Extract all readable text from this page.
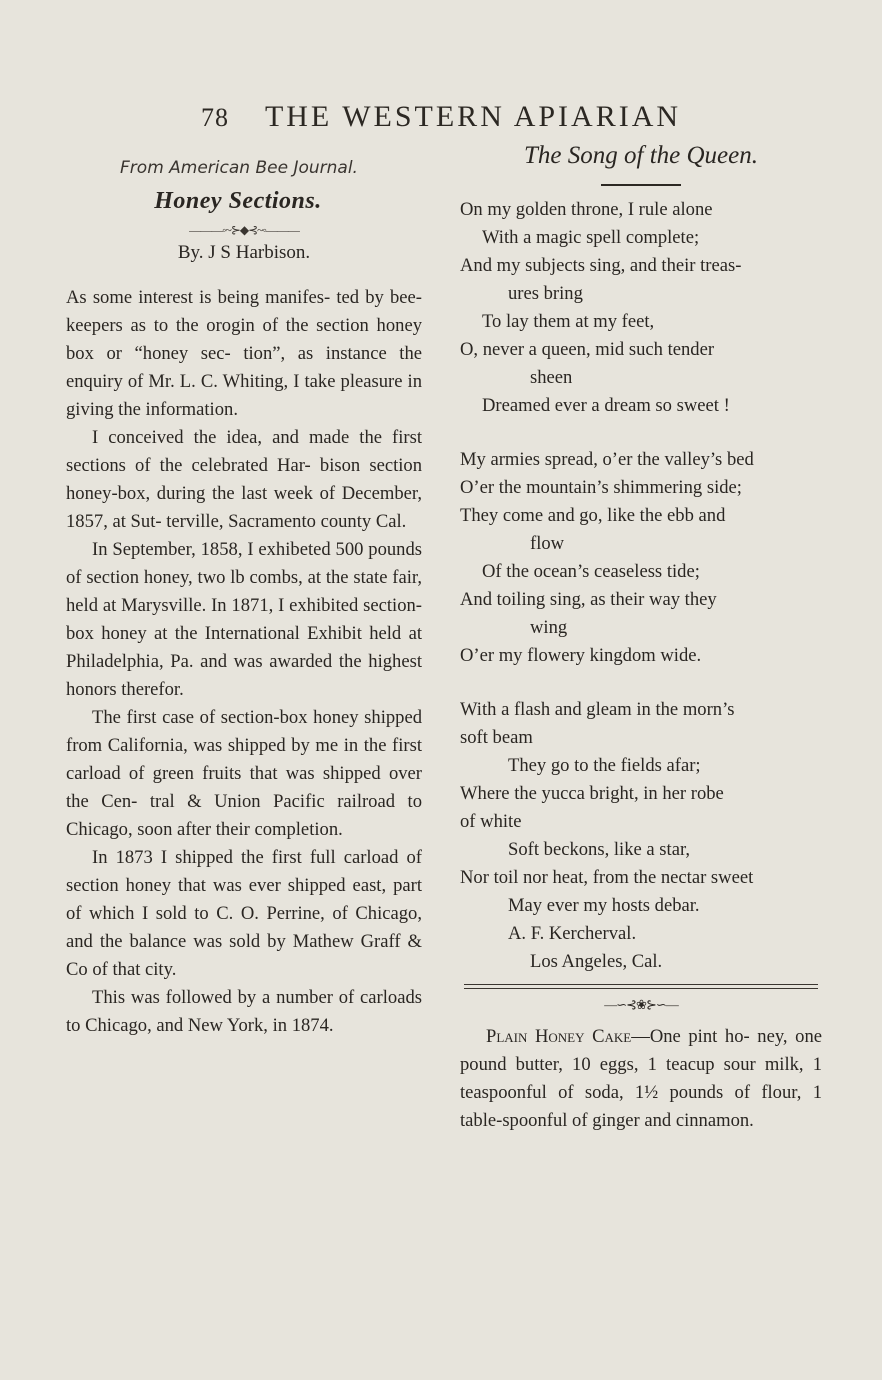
78 THE WESTERN APIARIAN
From American Bee Journal.
Honey Sections.
———◦~⊱◆⊰~◦———
By. J S Harbison.

As some interest is being manifes- ted by bee-keepers as to the orogin of the section honey box or “honey sec- tion”, as instance the enquiry of Mr. L. C. Whiting, I take pleasure in giving the information.

I conceived the idea, and made the first sections of the celebrated Har- bison section honey-box, during the last week of December, 1857, at Sut- terville, Sacramento county Cal.

In September, 1858, I exhibeted 500 pounds of section honey, two lb combs, at the state fair, held at Marysville. In 1871, I exhibited section-box honey at the International Exhibit held at Philadelphia, Pa. and was awarded the highest honors therefor.

The first case of section-box honey shipped from California, was shipped by me in the first carload of green fruits that was shipped over the Cen- tral & Union Pacific railroad to Chicago, soon after their completion.

In 1873 I shipped the first full carload of section honey that was ever shipped east, part of which I sold to C. O. Perrine, of Chicago, and the balance was sold by Mathew Graff & Co of that city.

This was followed by a number of carloads to Chicago, and New York, in 1874.

The Song of the Queen.
On my golden throne, I rule alone
With a magic spell complete;
And my subjects sing, and their treas-
ures bring
To lay them at my feet,
O, never a queen, mid such tender
sheen
Dreamed ever a dream so sweet !
My armies spread, o’er the valley’s bed
O’er the mountain’s shimmering side;
They come and go, like the ebb and
flow
Of the ocean’s ceaseless tide;
And toiling sing, as their way they
wing
O’er my flowery kingdom wide.
With a flash and gleam in the morn’s
soft beam
They go to the fields afar;
Where the yucca bright, in her robe
of white
Soft beckons, like a star,
Nor toil nor heat, from the nectar sweet
May ever my hosts debar.
A. F. Kercherval.
Los Angeles, Cal.
—∽⊰❀⊱∽—

Plain Honey Cake—One pint ho- ney, one pound butter, 10 eggs, 1 teacup sour milk, 1 teaspoonful of soda, 1½ pounds of flour, 1 table-spoonful of ginger and cinnamon.
